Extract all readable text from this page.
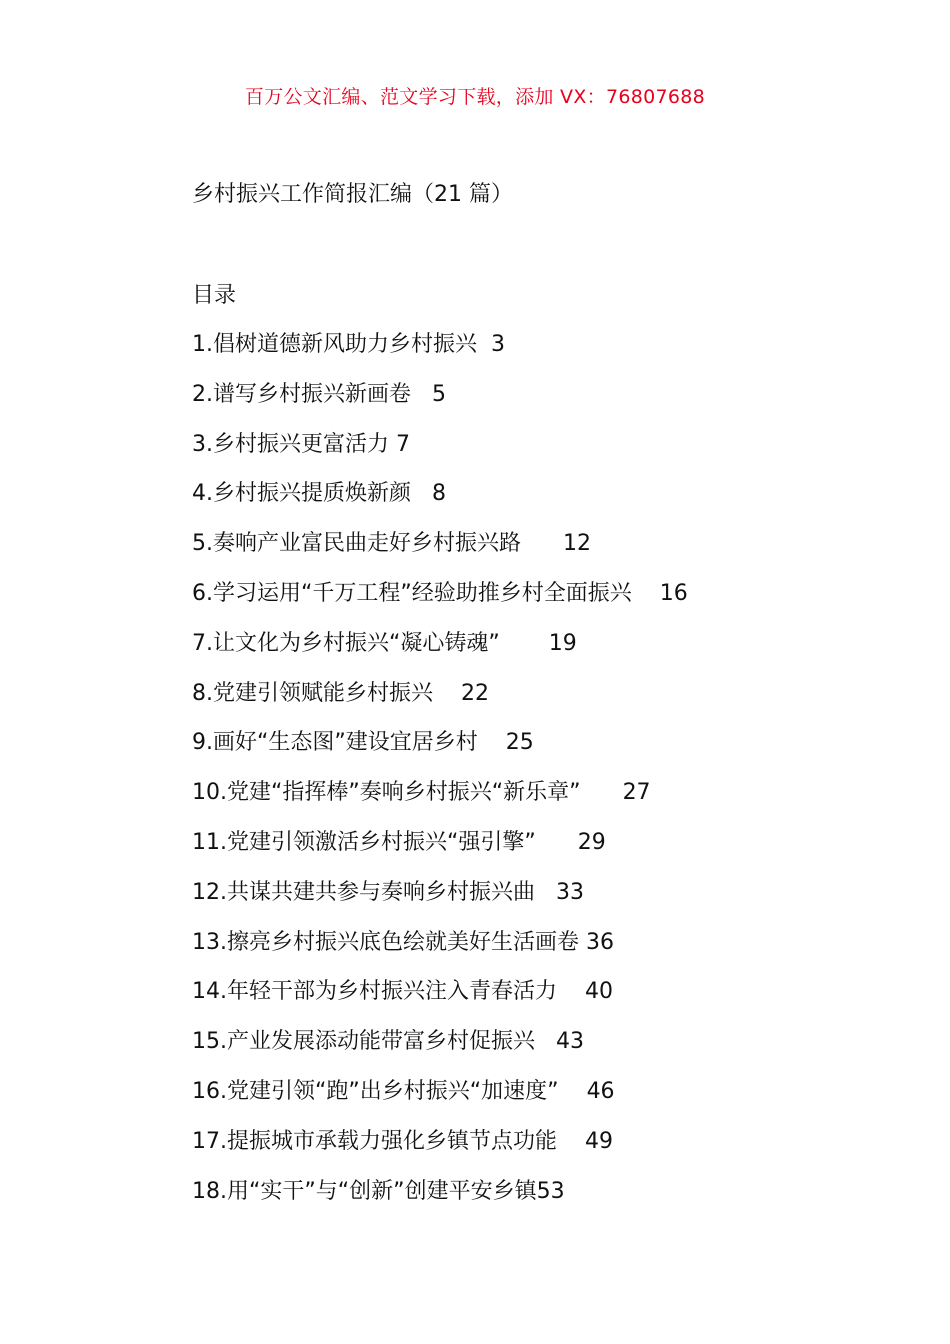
百万公文汇编、范文学习下载，添加 VX：76807688
乡村振兴工作简报汇编（21 篇）
目录
1.倡树道德新风助力乡村振兴 3
2.谱写乡村振兴新画卷 5
3.乡村振兴更富活力 7
4.乡村振兴提质焕新颜 8
5.奏响产业富民曲走好乡村振兴路 12
6.学习运用“千万工程”经验助推乡村全面振兴 16
7.让文化为乡村振兴“凝心铸魂” 19
8.党建引领赋能乡村振兴 22
9.画好“生态图”建设宜居乡村 25
10.党建“指挥棒”奏响乡村振兴“新乐章” 27
11.党建引领激活乡村振兴“强引擎” 29
12.共谋共建共参与奏响乡村振兴曲 33
13.擦亮乡村振兴底色绘就美好生活画卷 36
14.年轻干部为乡村振兴注入青春活力 40
15.产业发展添动能带富乡村促振兴 43
16.党建引领“跑”出乡村振兴“加速度” 46
17.提振城市承载力强化乡镇节点功能 49
18.用“实干”与“创新”创建平安乡镇53
